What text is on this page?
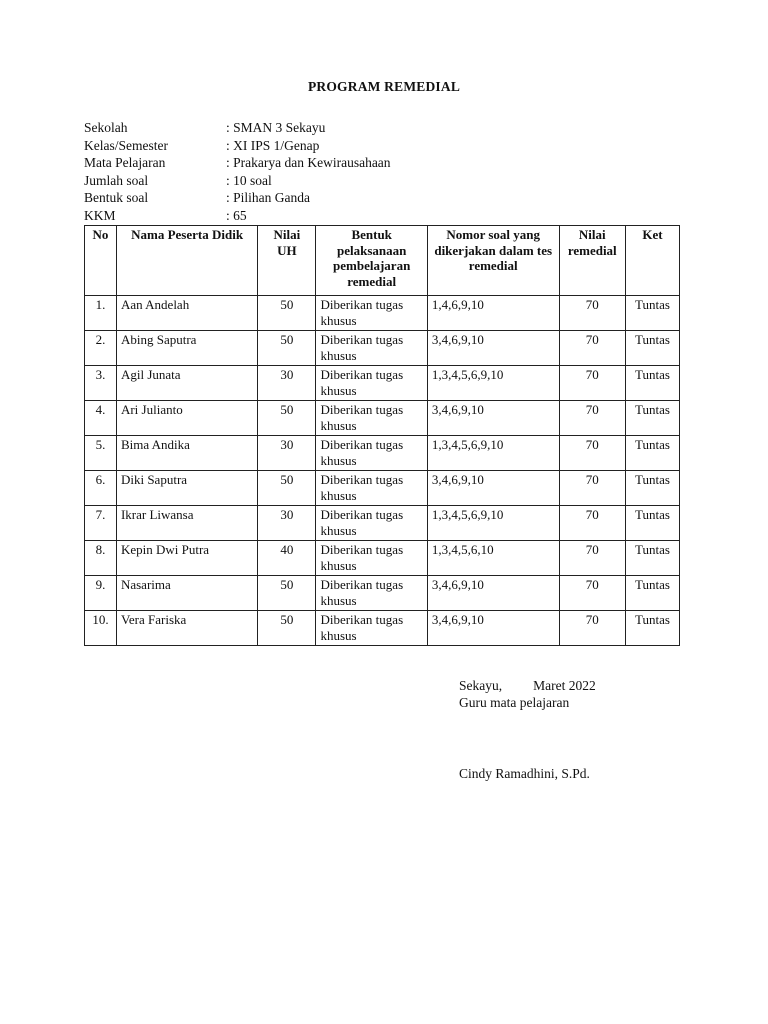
PROGRAM REMEDIAL
Sekolah	: SMAN 3 Sekayu
Kelas/Semester	: XI IPS 1/Genap
Mata Pelajaran	: Prakarya dan Kewirausahaan
Jumlah soal	: 10 soal
Bentuk soal	: Pilihan Ganda
KKM	: 65
No	Nama Peserta Didik	Nilai UH	Bentuk pelaksanaan pembelajaran remedial	Nomor soal yang dikerjakan dalam tes remedial	Nilai remedial	Ket
1.	Aan Andelah	50	Diberikan tugas khusus	1,4,6,9,10	70	Tuntas
2.	Abing Saputra	50	Diberikan tugas khusus	3,4,6,9,10	70	Tuntas
3.	Agil Junata	30	Diberikan tugas khusus	1,3,4,5,6,9,10	70	Tuntas
4.	Ari Julianto	50	Diberikan tugas khusus	3,4,6,9,10	70	Tuntas
5.	Bima Andika	30	Diberikan tugas khusus	1,3,4,5,6,9,10	70	Tuntas
6.	Diki Saputra	50	Diberikan tugas khusus	3,4,6,9,10	70	Tuntas
7.	Ikrar Liwansa	30	Diberikan tugas khusus	1,3,4,5,6,9,10	70	Tuntas
8.	Kepin Dwi Putra	40	Diberikan tugas khusus	1,3,4,5,6,10	70	Tuntas
9.	Nasarima	50	Diberikan tugas khusus	3,4,6,9,10	70	Tuntas
10.	Vera Fariska	50	Diberikan tugas khusus	3,4,6,9,10	70	Tuntas
Sekayu, Maret 2022
Guru mata pelajaran
Cindy Ramadhini, S.Pd.
